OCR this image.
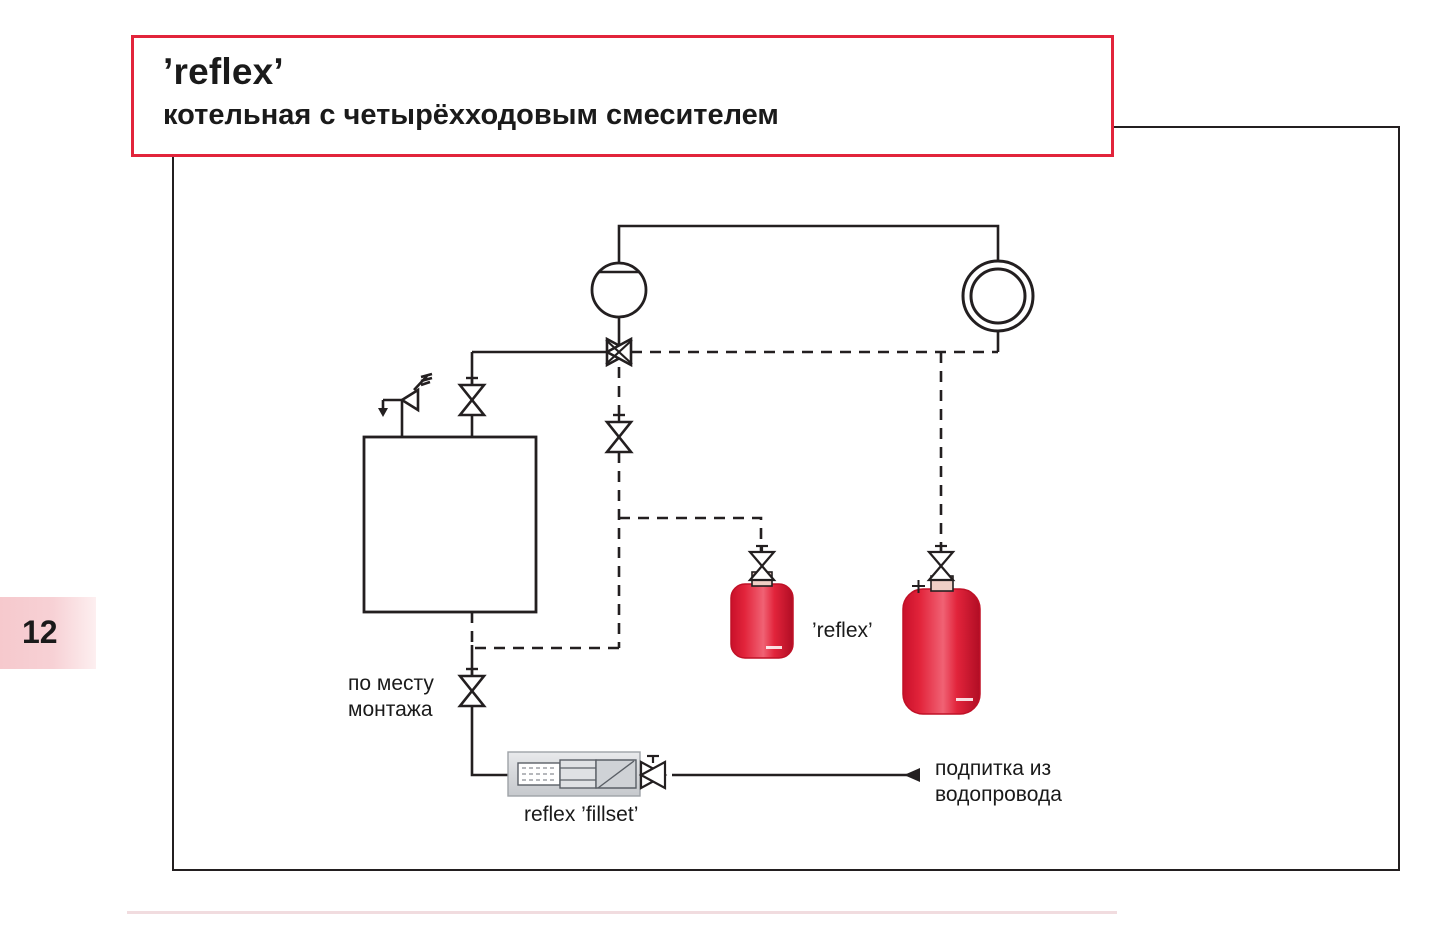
12
’reflex’
котельная с четырёхходовым смесителем
’reflex’
reflex ’fillset’
по месту
монтажа
подпитка из
водопровода
